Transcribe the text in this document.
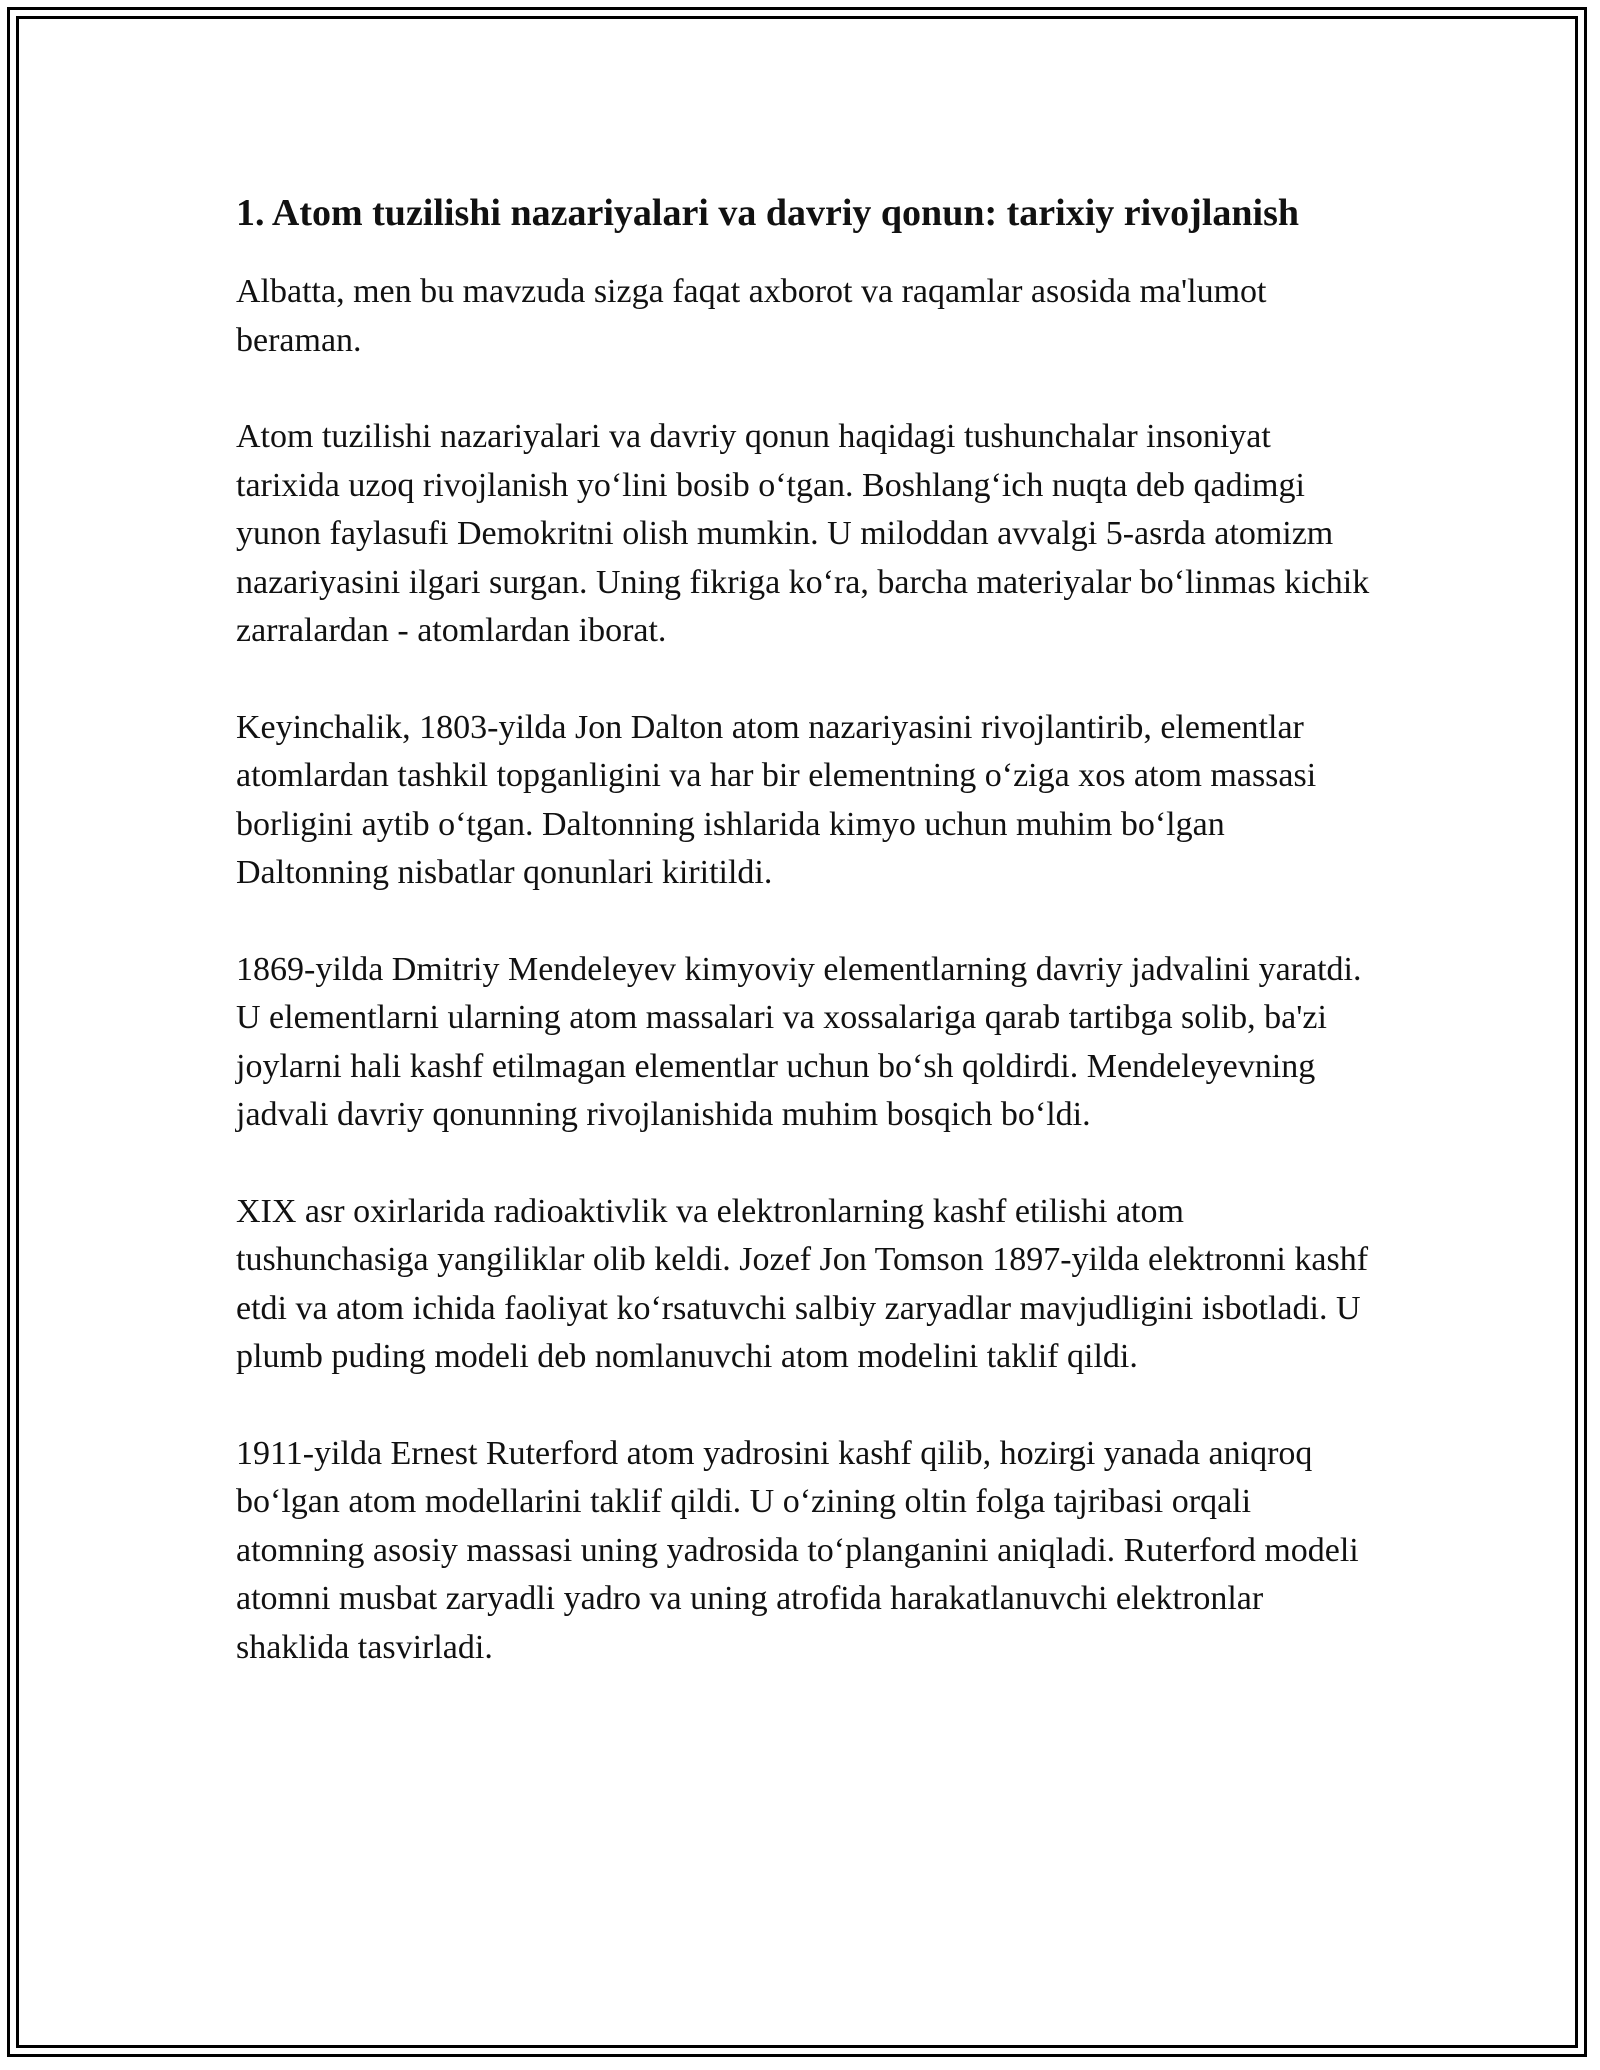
1. Atom tuzilishi nazariyalari va davriy qonun: tarixiy rivojlanish

Albatta, men bu mavzuda sizga faqat axborot va raqamlar asosida ma'lumot beraman.

Atom tuzilishi nazariyalari va davriy qonun haqidagi tushunchalar insoniyat tarixida uzoq rivojlanish yo‘lini bosib o‘tgan. Boshlang‘ich nuqta deb qadimgi yunon faylasufi Demokritni olish mumkin. U miloddan avvalgi 5-asrda atomizm nazariyasini ilgari surgan. Uning fikriga ko‘ra, barcha materiyalar bo‘linmas kichik zarralardan - atomlardan iborat.

Keyinchalik, 1803-yilda Jon Dalton atom nazariyasini rivojlantirib, elementlar atomlardan tashkil topganligini va har bir elementning o‘ziga xos atom massasi borligini aytib o‘tgan. Daltonning ishlarida kimyo uchun muhim bo‘lgan Daltonning nisbatlar qonunlari kiritildi.

1869-yilda Dmitriy Mendeleyev kimyoviy elementlarning davriy jadvalini yaratdi. U elementlarni ularning atom massalari va xossalariga qarab tartibga solib, ba'zi joylarni hali kashf etilmagan elementlar uchun bo‘sh qoldirdi. Mendeleyevning jadvali davriy qonunning rivojlanishida muhim bosqich bo‘ldi.

XIX asr oxirlarida radioaktivlik va elektronlarning kashf etilishi atom tushunchasiga yangiliklar olib keldi. Jozef Jon Tomson 1897-yilda elektronni kashf etdi va atom ichida faoliyat ko‘rsatuvchi salbiy zaryadlar mavjudligini isbotladi. U plumb puding modeli deb nomlanuvchi atom modelini taklif qildi.

1911-yilda Ernest Ruterford atom yadrosini kashf qilib, hozirgi yanada aniqroq bo‘lgan atom modellarini taklif qildi. U o‘zining oltin folga tajribasi orqali atomning asosiy massasi uning yadrosida to‘planganini aniqladi. Ruterford modeli atomni musbat zaryadli yadro va uning atrofida harakatlanuvchi elektronlar shaklida tasvirladi.
